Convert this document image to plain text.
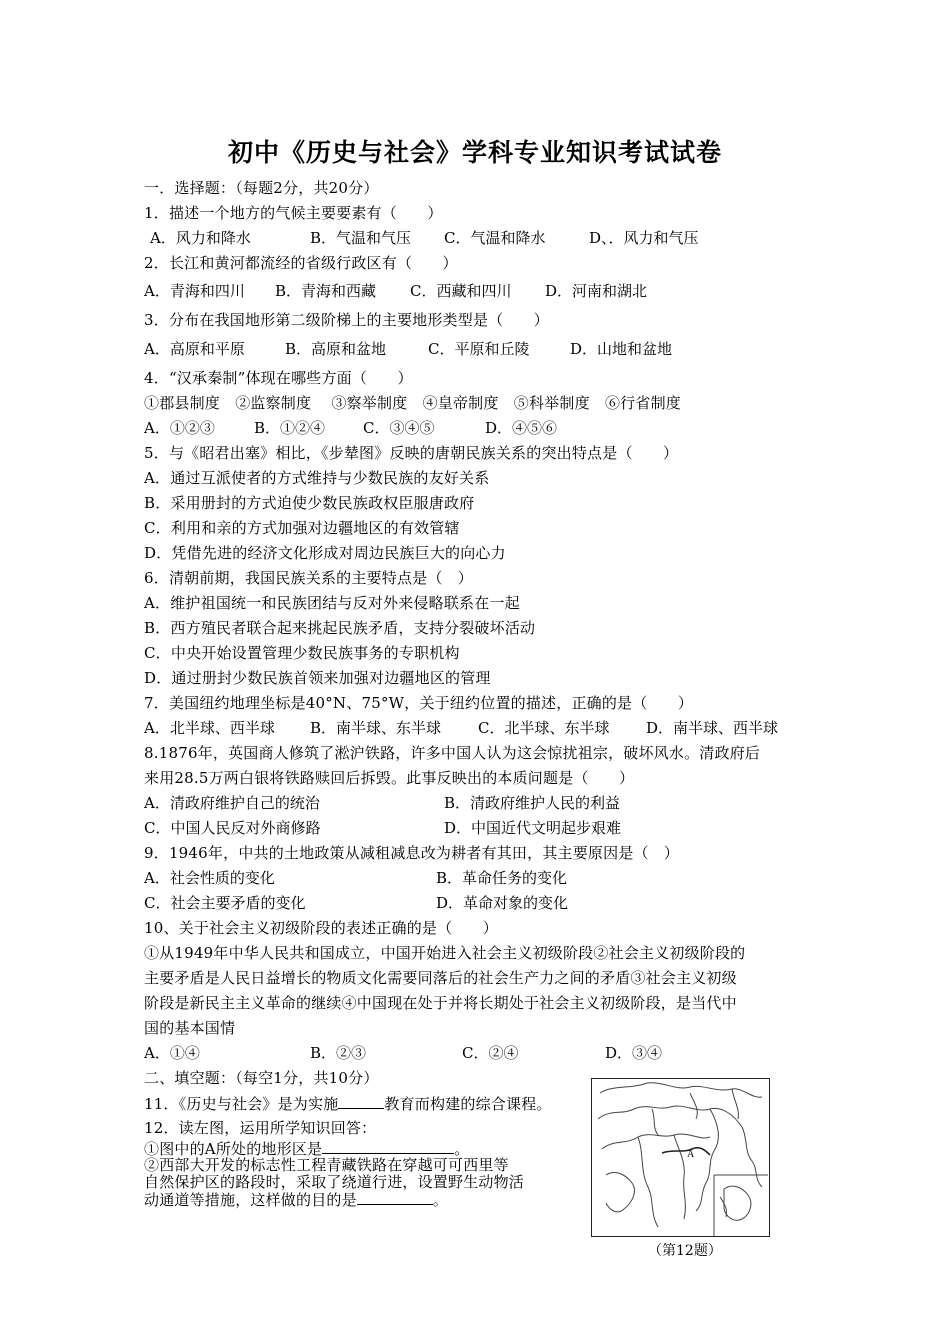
初中《历史与社会》学科专业知识考试试卷
一．选择题：（每题2分，共20分）
1．描述一个地方的气候主要要素有（　　）
A．风力和降水	B．气温和气压 C．气温和降水	D、．风力和气压
2．长江和黄河都流经的省级行政区有（　　）
A．青海和四川 B．青海和西藏 C．西藏和四川 D．河南和湖北
3．分布在我国地形第二级阶梯上的主要地形类型是（　　）
A．高原和平原	B．高原和盆地	C．平原和丘陵	D．山地和盆地
4．“汉承秦制”体现在哪些方面（　　）
①郡县制度　②监察制度　 ③察举制度　④皇帝制度　⑤科举制度　⑥行省制度
A．①②③	B．①②④	C．③④⑤	D．④⑤⑥
5．与《昭君出塞》相比，《步辇图》反映的唐朝民族关系的突出特点是（　　）
A．通过互派使者的方式维持与少数民族的友好关系
B．采用册封的方式迫使少数民族政权臣服唐政府
C．利用和亲的方式加强对边疆地区的有效管辖
D．凭借先进的经济文化形成对周边民族巨大的向心力
6．清朝前期，我国民族关系的主要特点是（　）
A．维护祖国统一和民族团结与反对外来侵略联系在一起
B．西方殖民者联合起来挑起民族矛盾，支持分裂破坏活动
C．中央开始设置管理少数民族事务的专职机构
D．通过册封少数民族首领来加强对边疆地区的管理
7．美国纽约地理坐标是40°N、75°W，关于纽约位置的描述，正确的是（　　）
A．北半球、西半球 B．南半球、东半球 C．北半球、东半球 D．南半球、西半球
8.1876年，英国商人修筑了淞沪铁路，许多中国人认为这会惊扰祖宗，破坏风水。清政府后
来用28.5万两白银将铁路赎回后拆毁。此事反映出的本质问题是（　　）
A．清政府维护自己的统治	B．清政府维护人民的利益
C．中国人民反对外商修路	D．中国近代文明起步艰难
9．1946年，中共的土地政策从减租减息改为耕者有其田，其主要原因是（　）
A．社会性质的变化	B．革命任务的变化
C．社会主要矛盾的变化	D．革命对象的变化
10、关于社会主义初级阶段的表述正确的是（　　）
①从1949年中华人民共和国成立，中国开始进入社会主义初级阶段②社会主义初级阶段的
主要矛盾是人民日益增长的物质文化需要同落后的社会生产力之间的矛盾③社会主义初级
阶段是新民主主义革命的继续④中国现在处于并将长期处于社会主义初级阶段，是当代中
国的基本国情
A．①④	B．②③	C．②④	D．③④
二、填空题：（每空1分，共10分）
11．《历史与社会》是为实施	教育而构建的综合课程。
12．读左图，运用所学知识回答：
①图中的A所处的地形区是	。
②西部大开发的标志性工程青藏铁路在穿越可可西里等
自然保护区的路段时，采取了绕道行进，设置野生动物活
动通道等措施，这样做的目的是	。
A
（第12题）
